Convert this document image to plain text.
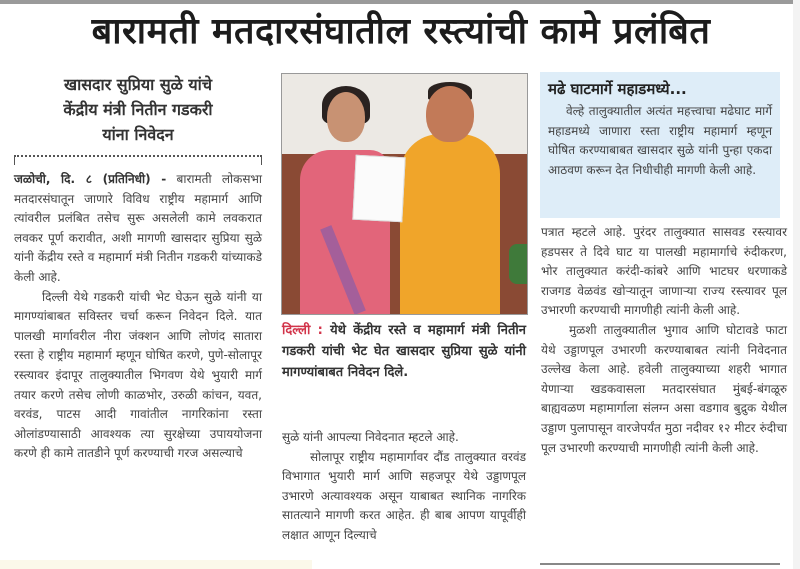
बारामती मतदारसंघातील रस्त्यांची कामे प्रलंबित
खासदार सुप्रिया सुळे यांचे
केंद्रीय मंत्री नितीन गडकरी
यांना निवेदन

जळोची, दि. ८ (प्रतिनिधी) - बारामती लोकसभा मतदारसंघातून जाणारे विविध राष्ट्रीय महामार्ग आणि त्यांवरील प्रलंबित तसेच सुरू असलेली कामे लवकरात लवकर पूर्ण करावीत, अशी मागणी खासदार सुप्रिया सुळे यांनी केंद्रीय रस्ते व महामार्ग मंत्री नितीन गडकरी यांच्याकडे केली आहे.

दिल्ली येथे गडकरी यांची भेट घेऊन सुळे यांनी या मागण्यांबाबत सविस्तर चर्चा करून निवेदन दिले. यात पालखी मार्गावरील नीरा जंक्शन आणि लोणंद सातारा रस्ता हे राष्ट्रीय महामार्ग म्हणून घोषित करणे, पुणे-सोलापूर रस्त्यावर इंदापूर तालुक्यातील भिगवण येथे भुयारी मार्ग तयार करणे तसेच लोणी काळभोर, उरुळी कांचन, यवत, वरवंड, पाटस आदी गावांतील नागरिकांना रस्ता ओलांडण्यासाठी आवश्यक त्या सुरक्षेच्या उपाययोजना करणे ही कामे तातडीने पूर्ण करण्याची गरज असल्याचे

दिल्ली : येथे केंद्रीय रस्ते व महामार्ग मंत्री नितीन गडकरी यांची भेट घेत खासदार सुप्रिया सुळे यांनी मागण्यांबाबत निवेदन दिले.

सुळे यांनी आपल्या निवेदनात म्हटले आहे.

सोलापूर राष्ट्रीय महामार्गावर दौंड तालुक्यात वरवंड विभागात भुयारी मार्ग आणि सहजपूर येथे उड्डाणपूल उभारणे अत्यावश्यक असून याबाबत स्थानिक नागरिक सातत्याने मागणी करत आहेत. ही बाब आपण यापूर्वीही लक्षात आणून दिल्याचे

मढे घाटमार्गे महाडमध्ये...
वेल्हे तालुक्यातील अत्यंत महत्त्वाचा मढेघाट मार्गे महाडमध्ये जाणारा रस्ता राष्ट्रीय महामार्ग म्हणून घोषित करण्याबाबत खासदार सुळे यांनी पुन्हा एकदा आठवण करून देत निधीचीही मागणी केली आहे.

पत्रात म्हटले आहे. पुरंदर तालुक्यात सासवड रस्त्यावर हडपसर ते दिवे घाट या पालखी महामार्गाचे रुंदीकरण, भोर तालुक्यात करंदी-कांबरे आणि भाटघर धरणाकडे राजगड वेळवंड खोऱ्यातून जाणाऱ्या राज्य रस्त्यावर पूल उभारणी करण्याची मागणीही त्यांनी केली आहे.

मुळशी तालुक्यातील भुगाव आणि घोटावडे फाटा येथे उड्डाणपूल उभारणी करण्याबाबत त्यांनी निवेदनात उल्लेख केला आहे. हवेली तालुक्याच्या शहरी भागात येणाऱ्या खडकवासला मतदारसंघात मुंबई-बंगळूरु बाह्यवळण महामार्गाला संलग्न असा वडगाव बुद्रुक येथील उड्डाण पुलापासून वारजेपर्यंत मुठा नदीवर १२ मीटर रुंदीचा पूल उभारणी करण्याची मागणीही त्यांनी केली आहे.
